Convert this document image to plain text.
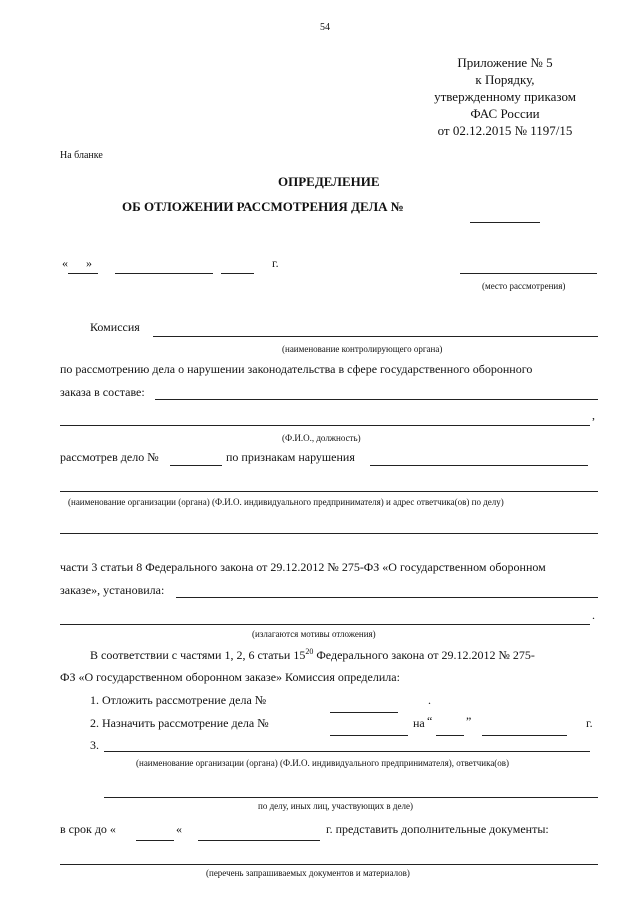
54
Приложение № 5
к Порядку,
утвержденному приказом
ФАС России
от 02.12.2015 № 1197/15
На бланке
ОПРЕДЕЛЕНИЕ
ОБ ОТЛОЖЕНИИ РАССМОТРЕНИЯ ДЕЛА №
« »	г.
(место рассмотрения)
Комиссия
(наименование контролирующего органа)
по рассмотрению дела о нарушении законодательства в сфере государственного оборонного
заказа в составе:
,
(Ф.И.О., должность)
рассмотрев дело №	по признакам нарушения
(наименование организации (органа) (Ф.И.О. индивидуального предпринимателя) и адрес ответчика(ов) по делу)
части 3 статьи 8 Федерального закона от 29.12.2012 № 275-ФЗ «О государственном оборонном
заказе», установила:
.
(излагаются мотивы отложения)
В соответствии с частями 1, 2, 6 статьи $15^{20}$ Федерального закона от 29.12.2012 № 275-
ФЗ «О государственном оборонном заказе» Комиссия определила:
1. Отложить рассмотрение дела №	.
2. Назначить рассмотрение дела №	на “	”	г.
3.
(наименование организации (органа) (Ф.И.О. индивидуального предпринимателя), ответчика(ов)
по делу, иных лиц, участвующих в деле)
в срок до «	«	г. представить дополнительные документы:
(перечень запрашиваемых документов и материалов)
